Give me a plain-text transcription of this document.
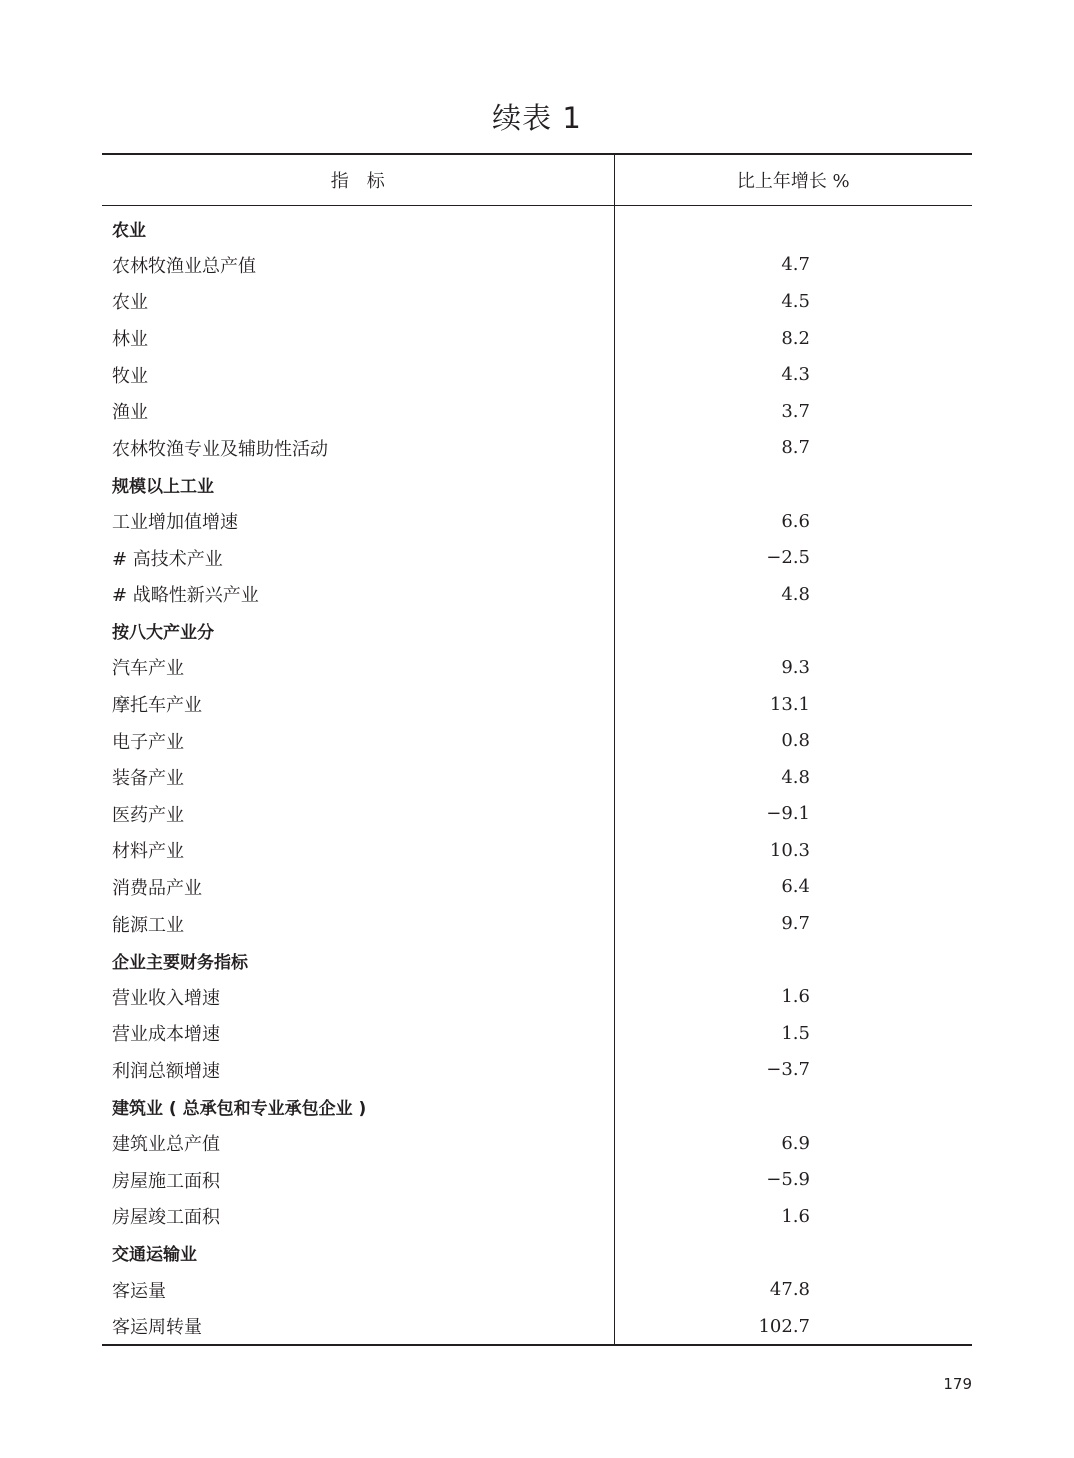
续表 1
指　标	比上年增长 %
农业	
农林牧渔业总产值	4.7
农业	4.5
林业	8.2
牧业	4.3
渔业	3.7
农林牧渔专业及辅助性活动	8.7
规模以上工业	
工业增加值增速	6.6
# 高技术产业	−2.5
# 战略性新兴产业	4.8
按八大产业分	
汽车产业	9.3
摩托车产业	13.1
电子产业	0.8
装备产业	4.8
医药产业	−9.1
材料产业	10.3
消费品产业	6.4
能源工业	9.7
企业主要财务指标	
营业收入增速	1.6
营业成本增速	1.5
利润总额增速	−3.7
建筑业 ( 总承包和专业承包企业 )	
建筑业总产值	6.9
房屋施工面积	−5.9
房屋竣工面积	1.6
交通运输业	
客运量	47.8
客运周转量	102.7
179
